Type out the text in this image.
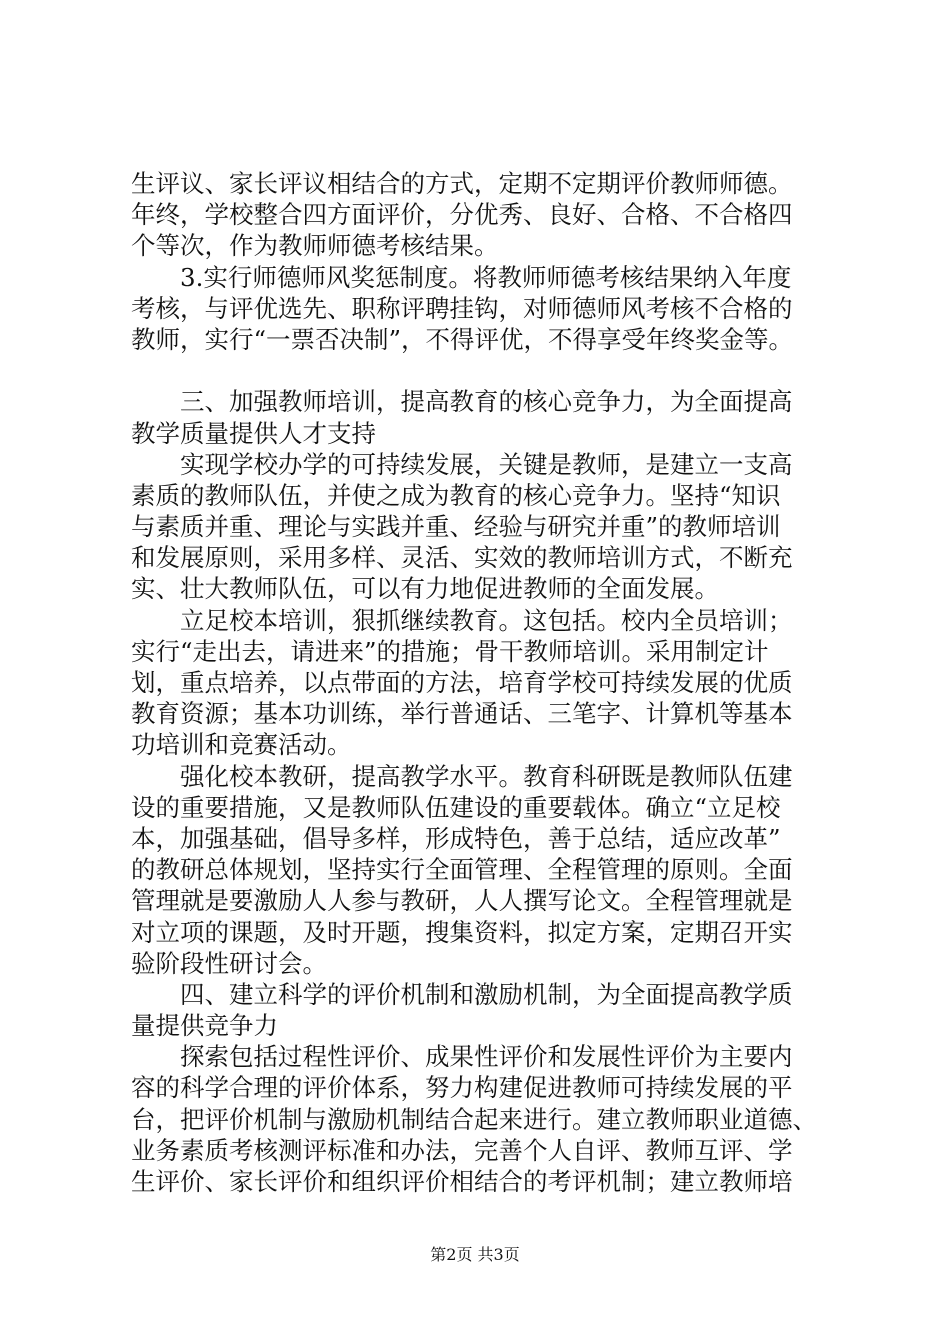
生评议、家长评议相结合的方式，定期不定期评价教师师德。
年终，学校整合四方面评价，分优秀、良好、合格、不合格四
个等次，作为教师师德考核结果。
　　3.实行师德师风奖惩制度。将教师师德考核结果纳入年度
考核，与评优选先、职称评聘挂钩，对师德师风考核不合格的
教师，实行“一票否决制”，不得评优，不得享受年终奖金等。
　　三、加强教师培训，提高教育的核心竞争力，为全面提高
教学质量提供人才支持
　　实现学校办学的可持续发展，关键是教师，是建立一支高
素质的教师队伍，并使之成为教育的核心竞争力。坚持“知识
与素质并重、理论与实践并重、经验与研究并重”的教师培训
和发展原则，采用多样、灵活、实效的教师培训方式，不断充
实、壮大教师队伍，可以有力地促进教师的全面发展。
　　立足校本培训，狠抓继续教育。这包括。校内全员培训；
实行“走出去，请进来”的措施；骨干教师培训。采用制定计
划，重点培养，以点带面的方法，培育学校可持续发展的优质
教育资源；基本功训练，举行普通话、三笔字、计算机等基本
功培训和竞赛活动。
　　强化校本教研，提高教学水平。教育科研既是教师队伍建
设的重要措施，又是教师队伍建设的重要载体。确立“立足校
本，加强基础，倡导多样，形成特色，善于总结，适应改革”
的教研总体规划，坚持实行全面管理、全程管理的原则。全面
管理就是要激励人人参与教研，人人撰写论文。全程管理就是
对立项的课题，及时开题，搜集资料，拟定方案，定期召开实
验阶段性研讨会。
　　四、建立科学的评价机制和激励机制，为全面提高教学质
量提供竞争力
　　探索包括过程性评价、成果性评价和发展性评价为主要内
容的科学合理的评价体系，努力构建促进教师可持续发展的平
台，把评价机制与激励机制结合起来进行。建立教师职业道德、
业务素质考核测评标准和办法，完善个人自评、教师互评、学
生评价、家长评价和组织评价相结合的考评机制；建立教师培
第2页 共3页
